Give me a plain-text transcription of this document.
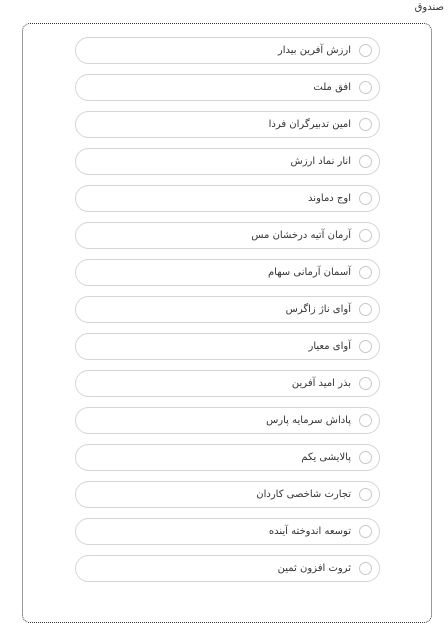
صندوق
ارزش آفرین بیدار
افق ملت
امین تدبیرگران فردا
انار نماد ارزش
اوج دماوند
آرمان آتیه درخشان مس
آسمان آرمانی سهام
آوای ناژ زاگرس
آوای معیار
بذر امید آفرین
پاداش سرمایه پارس
پالایشی یکم
تجارت شاخصی کاردان
توسعه اندوخته آینده
ثروت افزون ثمین
